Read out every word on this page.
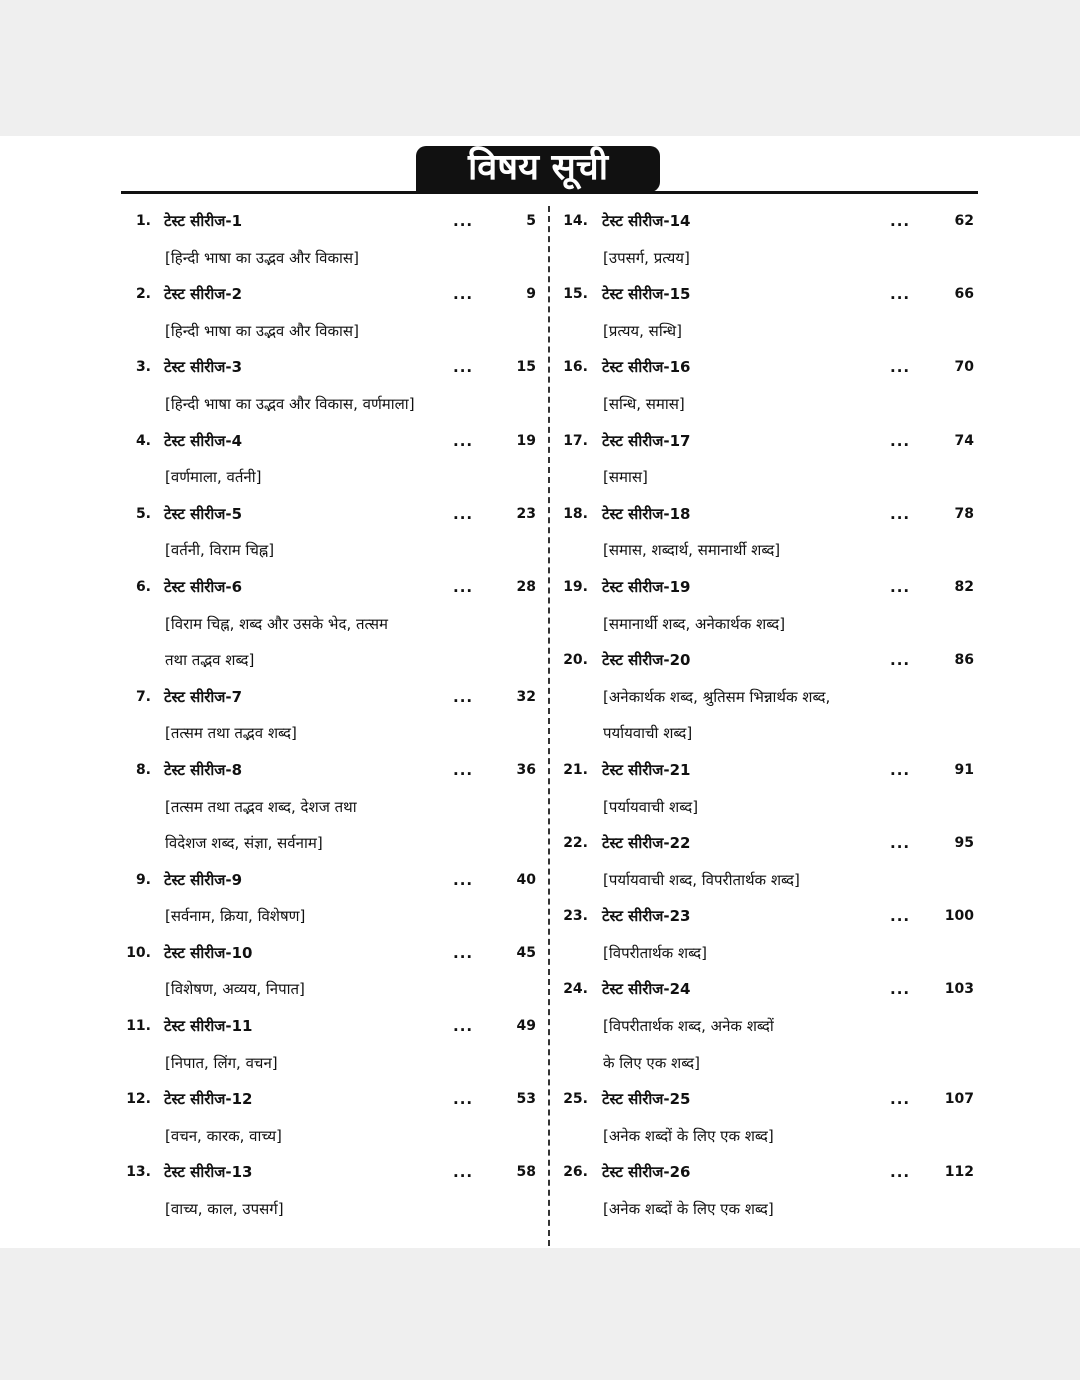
विषय सूची
1. टेस्ट सीरीज-1	...	5
[हिन्दी भाषा का उद्भव और विकास]
2. टेस्ट सीरीज-2	...	9
[हिन्दी भाषा का उद्भव और विकास]
3. टेस्ट सीरीज-3	...	15
[हिन्दी भाषा का उद्भव और विकास, वर्णमाला]
4. टेस्ट सीरीज-4	...	19
[वर्णमाला, वर्तनी]
5. टेस्ट सीरीज-5	...	23
[वर्तनी, विराम चिह्न]
6. टेस्ट सीरीज-6	...	28
[विराम चिह्न, शब्द और उसके भेद, तत्सम
तथा तद्भव शब्द]
7. टेस्ट सीरीज-7	...	32
[तत्सम तथा तद्भव शब्द]
8. टेस्ट सीरीज-8	...	36
[तत्सम तथा तद्भव शब्द, देशज तथा
विदेशज शब्द, संज्ञा, सर्वनाम]
9. टेस्ट सीरीज-9	...	40
[सर्वनाम, क्रिया, विशेषण]
10. टेस्ट सीरीज-10	...	45
[विशेषण, अव्यय, निपात]
11. टेस्ट सीरीज-11	...	49
[निपात, लिंग, वचन]
12. टेस्ट सीरीज-12	...	53
[वचन, कारक, वाच्य]
13. टेस्ट सीरीज-13	...	58
[वाच्य, काल, उपसर्ग]
14. टेस्ट सीरीज-14	...	62
[उपसर्ग, प्रत्यय]
15. टेस्ट सीरीज-15	...	66
[प्रत्यय, सन्धि]
16. टेस्ट सीरीज-16	...	70
[सन्धि, समास]
17. टेस्ट सीरीज-17	...	74
[समास]
18. टेस्ट सीरीज-18	...	78
[समास, शब्दार्थ, समानार्थी शब्द]
19. टेस्ट सीरीज-19	...	82
[समानार्थी शब्द, अनेकार्थक शब्द]
20. टेस्ट सीरीज-20	...	86
[अनेकार्थक शब्द, श्रुतिसम भिन्नार्थक शब्द,
पर्यायवाची शब्द]
21. टेस्ट सीरीज-21	...	91
[पर्यायवाची शब्द]
22. टेस्ट सीरीज-22	...	95
[पर्यायवाची शब्द, विपरीतार्थक शब्द]
23. टेस्ट सीरीज-23	... 100
[विपरीतार्थक शब्द]
24. टेस्ट सीरीज-24	... 103
[विपरीतार्थक शब्द, अनेक शब्दों
के लिए एक शब्द]
25. टेस्ट सीरीज-25	... 107
[अनेक शब्दों के लिए एक शब्द]
26. टेस्ट सीरीज-26	... 112
[अनेक शब्दों के लिए एक शब्द]
